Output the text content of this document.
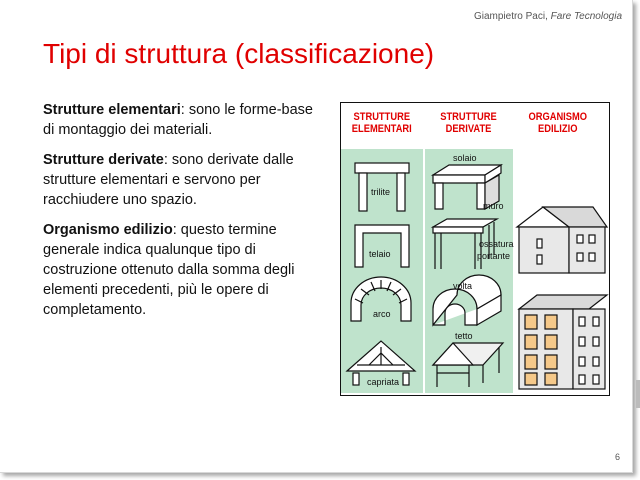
Giampietro Paci, Fare Tecnologia
Tipi di struttura (classificazione)

Strutture elementari: sono le forme-base di montaggio dei materiali.

Strutture derivate: sono derivate dalle strutture elementari e servono per racchiudere uno spazio.

Organismo edilizio: questo termine generale indica qualunque tipo di costruzione ottenuto dalla somma degli elementi precedenti, più le opere di completamento.

STRUTTURE
ELEMENTARI
STRUTTURE
DERIVATE
ORGANISMO
EDILIZIO
trilite
telaio
arco
capriata
solaio
muro
ossatura
portante
volta
tetto
6
